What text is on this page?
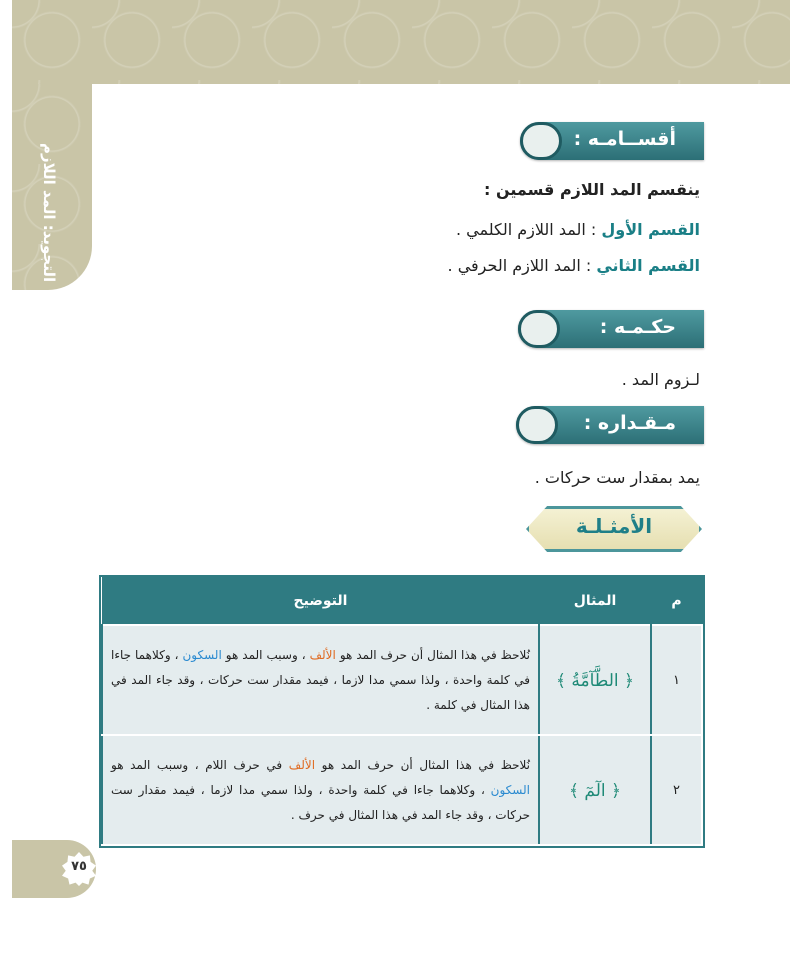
التجويد: المد اللازم
أقســامـه :
ينقسم المد اللازم قسمين :
القسم الأول : المد اللازم الكلمي .
القسم الثاني : المد اللازم الحرفي .
حكـمـه :
لـزوم المد .
مـقـداره :
يمد بمقدار ست حركات .
الأمثـلـة
م	المثال	التوضيح
١	﴿ الطَّآمَّةُ ﴾	نُلاحظ في هذا المثال أن حرف المد هو الألف ، وسبب المد هو السكون ، وكلاهما جاءا في كلمة واحدة ، ولذا سمي مدا لازما ، فيمد مقدار ست حركات ، وقد جاء المد في هذا المثال في كلمة .
٢	﴿ الٓمٓ ﴾	نُلاحظ في هذا المثال أن حرف المد هو الألف في حرف اللام ، وسبب المد هو السكون ، وكلاهما جاءا في كلمة واحدة ، ولذا سمي مدا لازما ، فيمد مقدار ست حركات ، وقد جاء المد في هذا المثال في حرف .
٧٥
